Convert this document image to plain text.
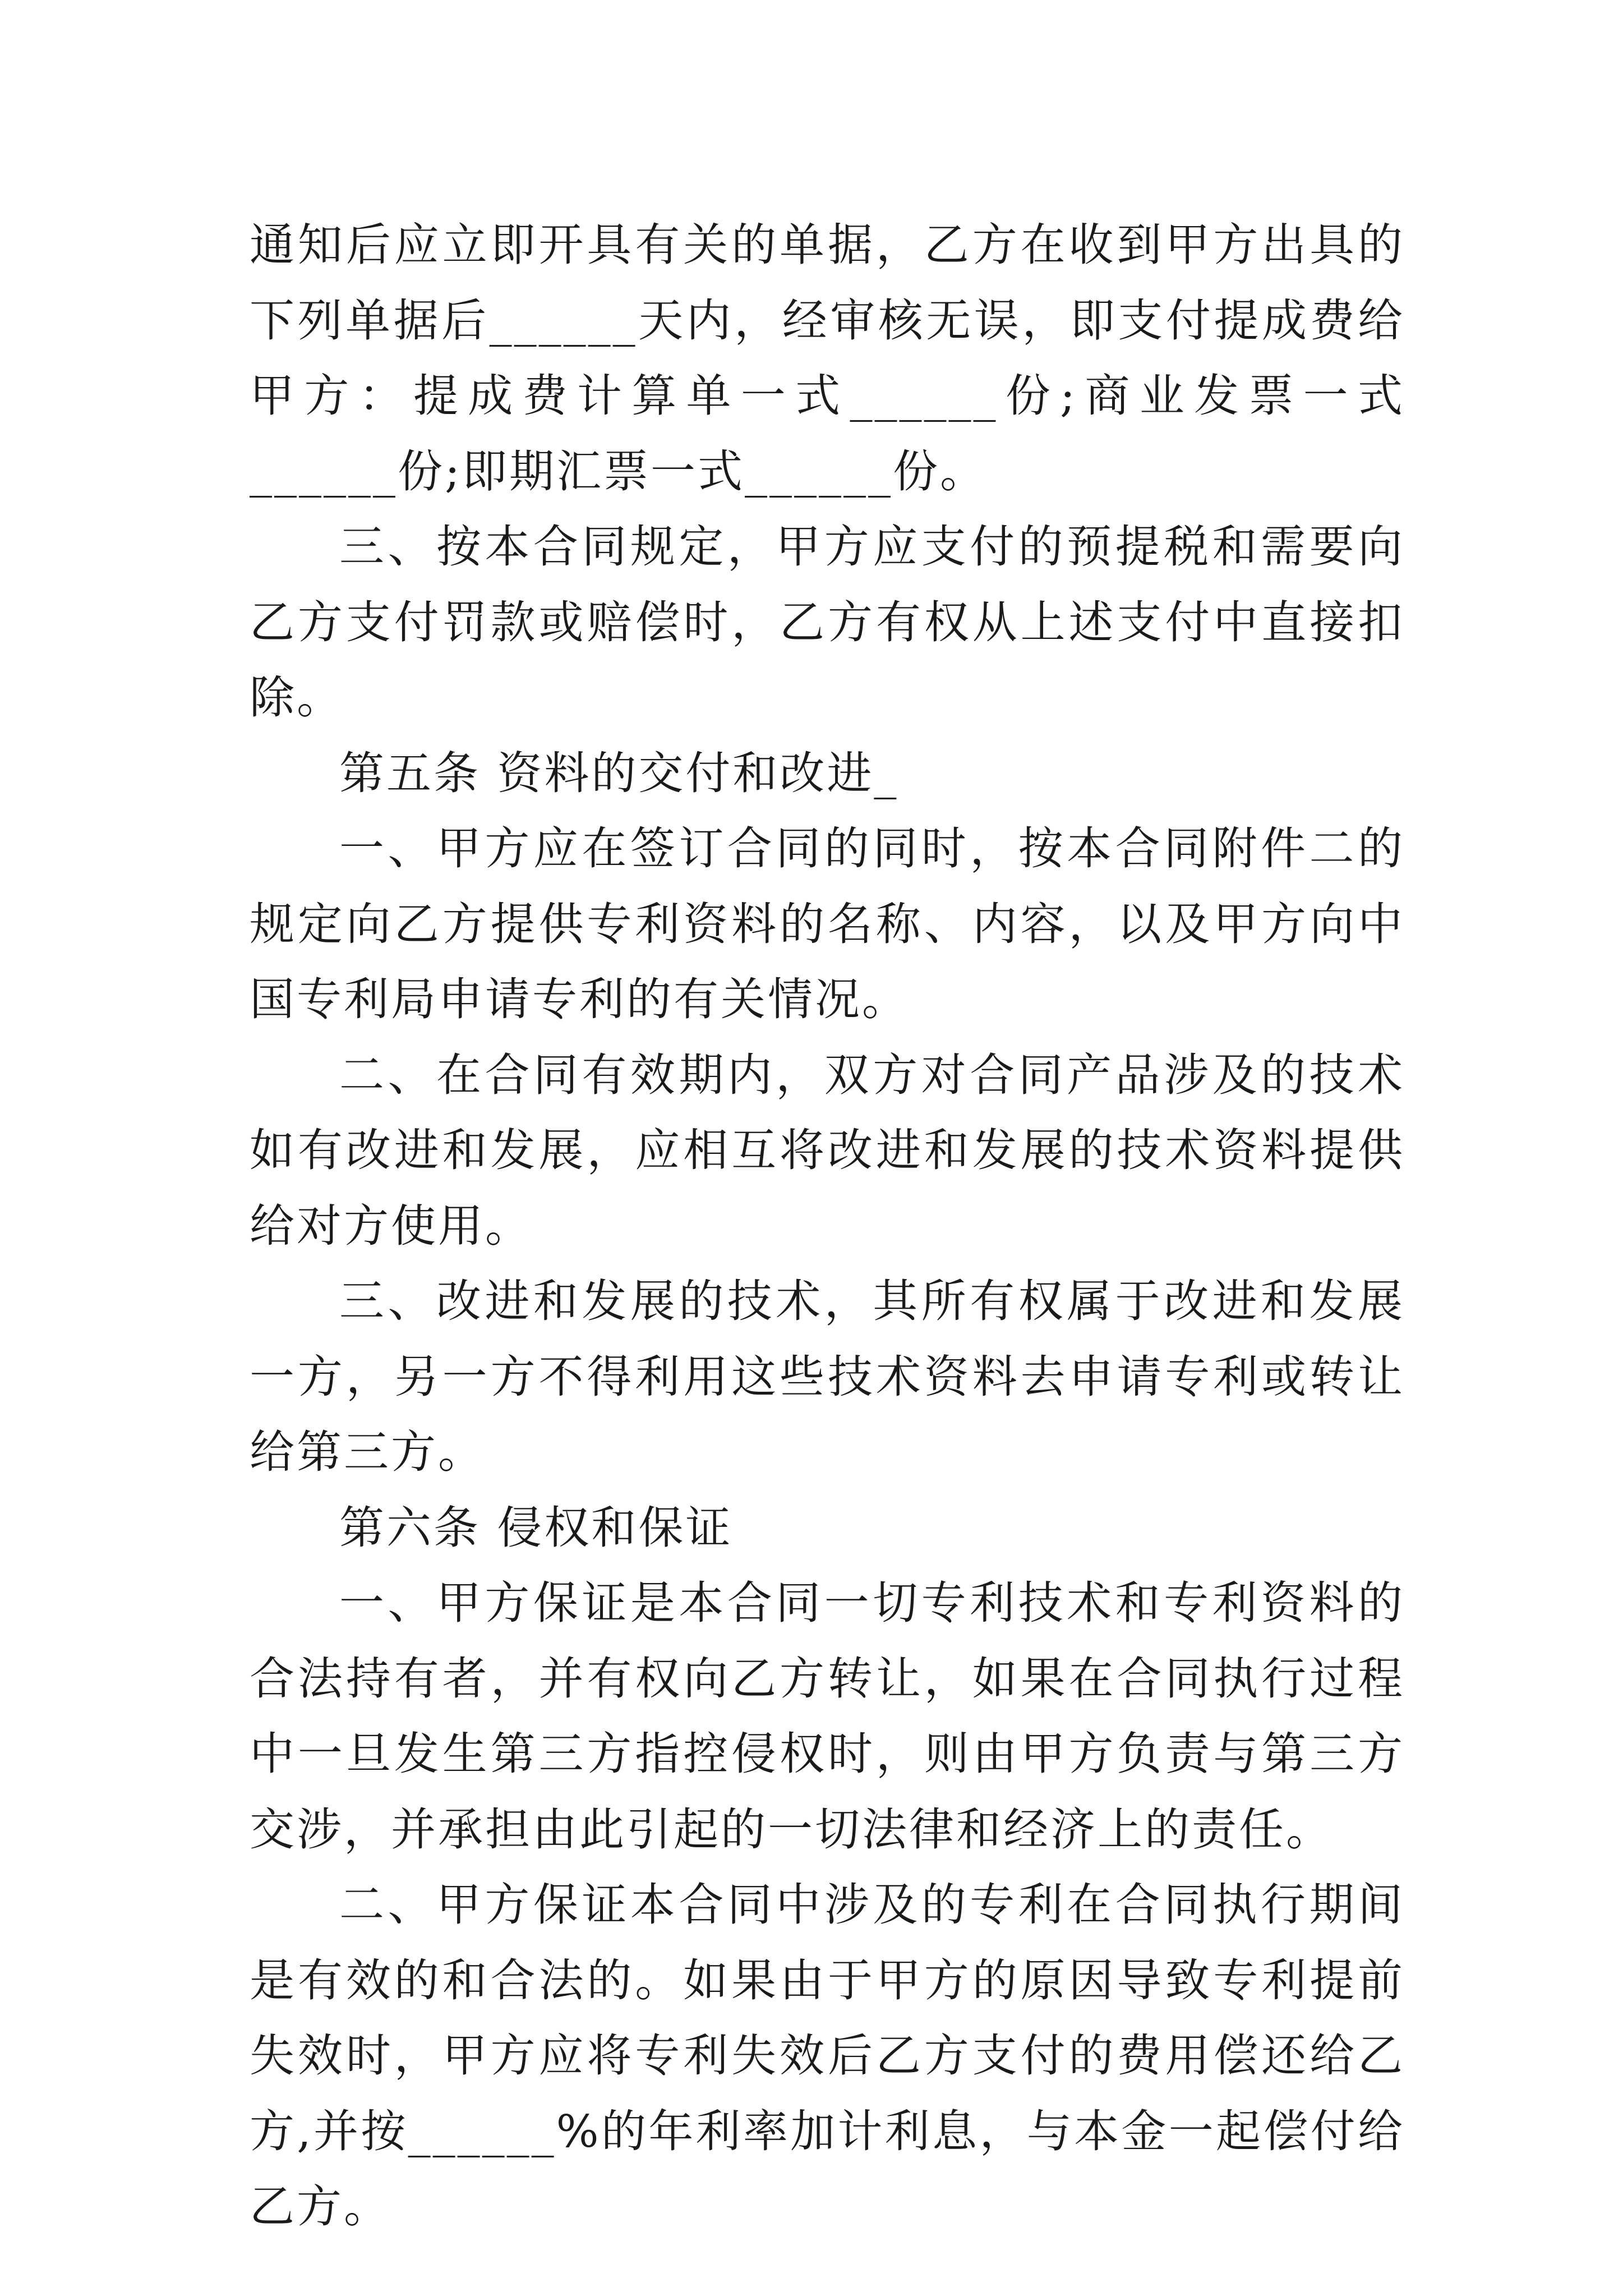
通知后应立即开具有关的单据，乙方在收到甲方出具的下列单据后______天内，经审核无误，即支付提成费给甲方：提成费计算单一式______份;商业发票一式______份;即期汇票一式______份。

三、按本合同规定，甲方应支付的预提税和需要向乙方支付罚款或赔偿时，乙方有权从上述支付中直接扣除。

第五条 资料的交付和改进_

一、甲方应在签订合同的同时，按本合同附件二的规定向乙方提供专利资料的名称、内容，以及甲方向中国专利局申请专利的有关情况。

二、在合同有效期内，双方对合同产品涉及的技术如有改进和发展，应相互将改进和发展的技术资料提供给对方使用。

三、改进和发展的技术，其所有权属于改进和发展一方，另一方不得利用这些技术资料去申请专利或转让给第三方。

第六条 侵权和保证

一、甲方保证是本合同一切专利技术和专利资料的合法持有者，并有权向乙方转让，如果在合同执行过程中一旦发生第三方指控侵权时，则由甲方负责与第三方交涉，并承担由此引起的一切法律和经济上的责任。

二、甲方保证本合同中涉及的专利在合同执行期间是有效的和合法的。如果由于甲方的原因导致专利提前失效时，甲方应将专利失效后乙方支付的费用偿还给乙方,并按______%的年利率加计利息，与本金一起偿付给乙方。
